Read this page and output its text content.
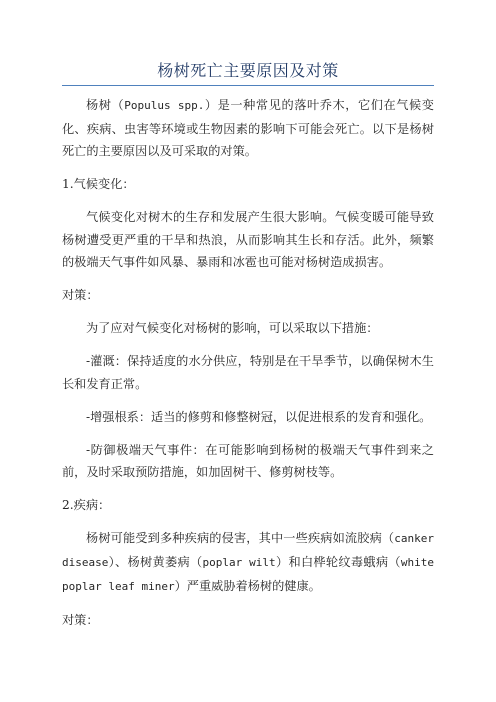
杨树死亡主要原因及对策

杨树（Populus spp.）是一种常见的落叶乔木，它们在气候变化、疾病、虫害等环境或生物因素的影响下可能会死亡。以下是杨树死亡的主要原因以及可采取的对策。

1.气候变化：

气候变化对树木的生存和发展产生很大影响。气候变暖可能导致杨树遭受更严重的干旱和热浪，从而影响其生长和存活。此外，频繁的极端天气事件如风暴、暴雨和冰雹也可能对杨树造成损害。

对策：

为了应对气候变化对杨树的影响，可以采取以下措施：

-灌溉：保持适度的水分供应，特别是在干旱季节，以确保树木生长和发育正常。

-增强根系：适当的修剪和修整树冠，以促进根系的发育和强化。

-防御极端天气事件：在可能影响到杨树的极端天气事件到来之前，及时采取预防措施，如加固树干、修剪树枝等。

2.疾病：

杨树可能受到多种疾病的侵害，其中一些疾病如流胶病（canker disease）、杨树黄萎病（poplar wilt）和白桦轮纹毒蛾病（white poplar leaf miner）严重威胁着杨树的健康。

对策：
